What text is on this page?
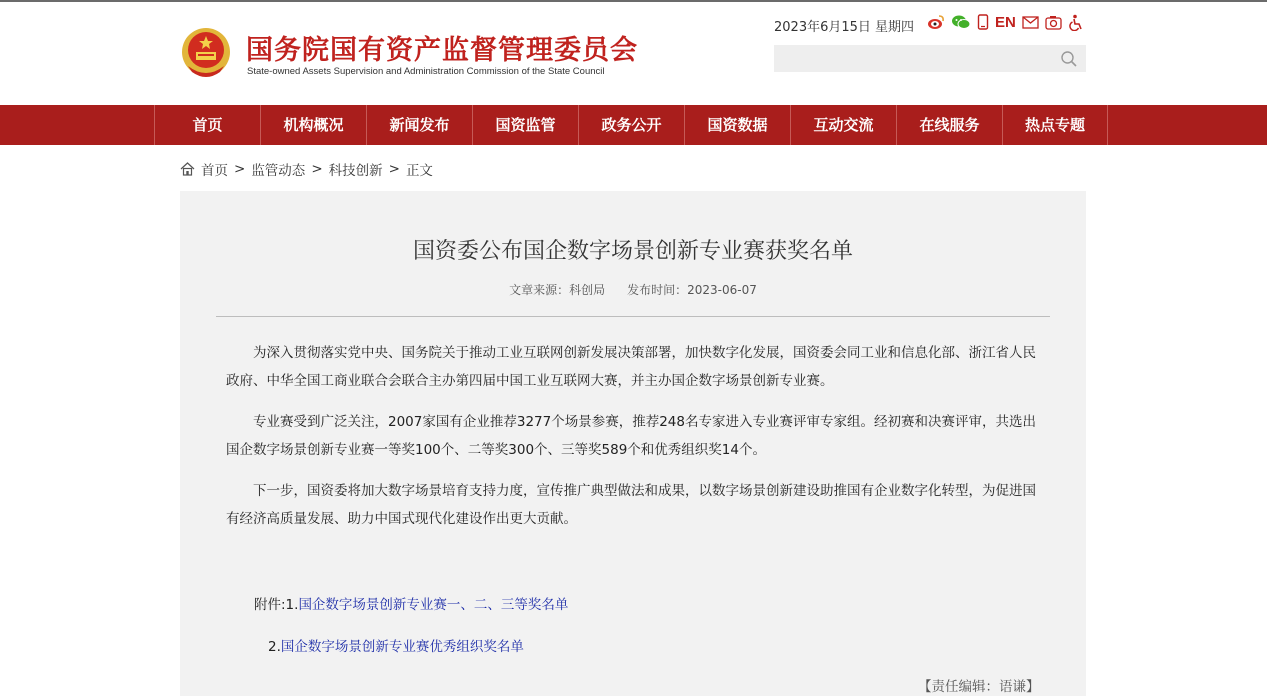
国务院国有资产监督管理委员会
State-owned Assets Supervision and Administration Commission of the State Council
2023年6月15日 星期四	EN
首页	机构概况	新闻发布	国资监管	政务公开	国资数据	互动交流	在线服务	热点专题
首页 > 监管动态 > 科技创新 > 正文
国资委公布国企数字场景创新专业赛获奖名单
文章来源：科创局 发布时间：2023-06-07

为深入贯彻落实党中央、国务院关于推动工业互联网创新发展决策部署，加快数字化发展，国资委会同工业和信息化部、浙江省人民政府、中华全国工商业联合会联合主办第四届中国工业互联网大赛，并主办国企数字场景创新专业赛。

专业赛受到广泛关注，2007家国有企业推荐3277个场景参赛，推荐248名专家进入专业赛评审专家组。经初赛和决赛评审，共选出国企数字场景创新专业赛一等奖100个、二等奖300个、三等奖589个和优秀组织奖14个。

下一步，国资委将加大数字场景培育支持力度，宣传推广典型做法和成果，以数字场景创新建设助推国有企业数字化转型，为促进国有经济高质量发展、助力中国式现代化建设作出更大贡献。

附件:1.国企数字场景创新专业赛一、二、三等奖名单
2.国企数字场景创新专业赛优秀组织奖名单
【责任编辑：语谦】
